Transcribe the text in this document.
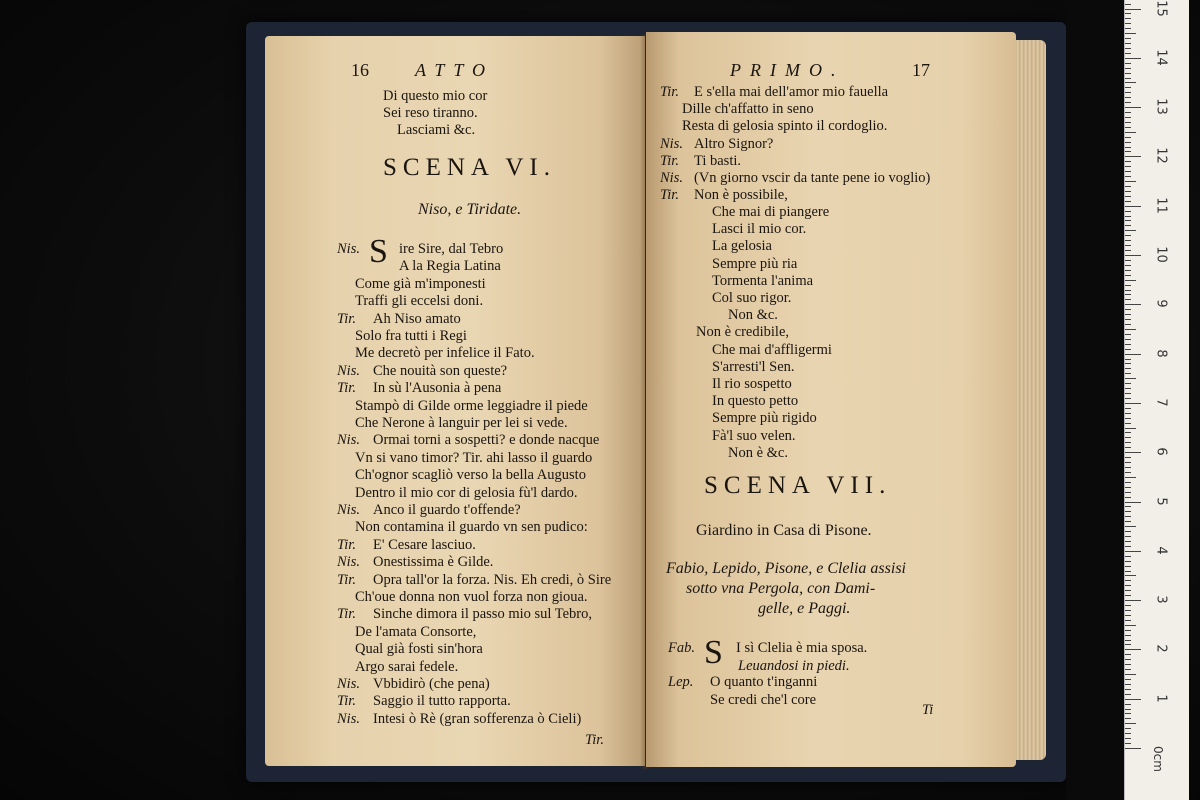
16	ATTO
Di questo mio cor
Sei reso tiranno.
Lasciami &c.
SCENA VI.
Niso, e Tiridate.
S
Nis.	ire Sire, dal Tebro
A la Regia Latina
Come già m'imponesti
Traffi gli eccelsi doni.
Tir. Ah Niso amato
Solo fra tutti i Regi
Me decretò per infelice il Fato.
Nis. Che nouità son queste?
Tir. In sù l'Ausonia à pena
Stampò di Gilde orme leggiadre il piede
Che Nerone à languir per lei si vede.
Nis. Ormai torni a sospetti? e donde nacque
Vn si vano timor? Tir. ahi lasso il guardo
Ch'ognor scagliò verso la bella Augusto
Dentro il mio cor di gelosia fù'l dardo.
Nis. Anco il guardo t'offende?
Non contamina il guardo vn sen pudico:
Tir. E' Cesare lasciuo.
Nis. Onestissima è Gilde.
Tir. Opra tall'or la forza. Nis. Eh credi, ò Sire
Ch'oue donna non vuol forza non gioua.
Tir. Sinche dimora il passo mio sul Tebro,
De l'amata Consorte,
Qual già fosti sin'hora
Argo sarai fedele.
Nis. Vbbidirò (che pena)
Tir. Saggio il tutto rapporta.
Nis. Intesi ò Rè (gran sofferenza ò Cieli)
Tir.
PRIMO.	17
Tir. E s'ella mai dell'amor mio fauella
Dille ch'affatto in seno
Resta di gelosia spinto il cordoglio.
Nis. Altro Signor?
Tir. Ti basti.
Nis. (Vn giorno vscir da tante pene io voglio)
Tir. Non è possibile,
Che mai di piangere
Lasci il mio cor.
La gelosia
Sempre più ria
Tormenta l'anima
Col suo rigor.
Non &c.
Non è credibile,
Che mai d'affligermi
S'arresti'l Sen.
Il rio sospetto
In questo petto
Sempre più rigido
Fà'l suo velen.
Non è &c.
SCENA VII.
Giardino in Casa di Pisone.
Fabio, Lepido, Pisone, e Clelia assisi
sotto vna Pergola, con Dami-
gelle, e Paggi.
S
Fab.	I sì Clelia è mia sposa.
Leuandosi in piedi.
Lep. O quanto t'inganni
Se credi che'l core
Ti
0cm
1
2
3
4
5
6
7
8
9
10
11
12
13
14
15
